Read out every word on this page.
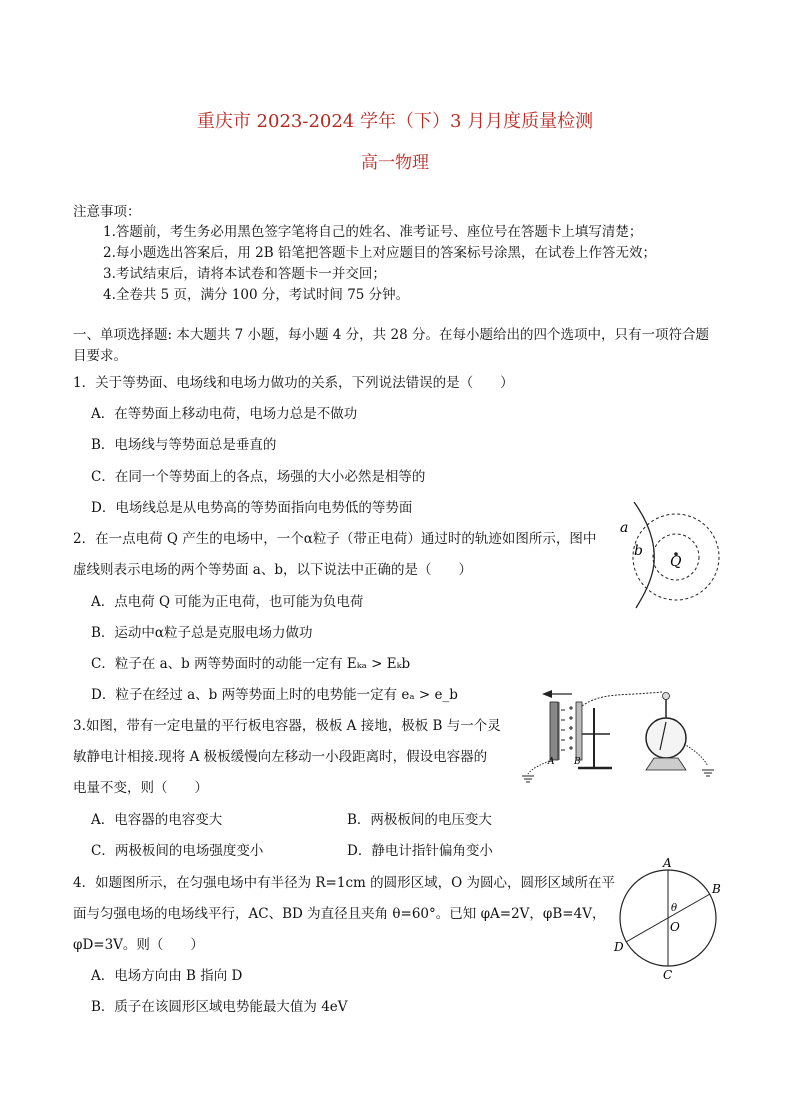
重庆市 2023-2024 学年（下）3 月月度质量检测
高一物理
注意事项：
1.答题前，考生务必用黑色签字笔将自己的姓名、准考证号、座位号在答题卡上填写清楚；
2.每小题选出答案后，用 2B 铅笔把答题卡上对应题目的答案标号涂黑，在试卷上作答无效；
3.考试结束后，请将本试卷和答题卡一并交回；
4.全卷共 5 页，满分 100 分，考试时间 75 分钟。
一、单项选择题: 本大题共 7 小题，每小题 4 分，共 28 分。在每小题给出的四个选项中，只有一项符合题
目要求。
1．关于等势面、电场线和电场力做功的关系，下列说法错误的是（　　）
A．在等势面上移动电荷，电场力总是不做功
B．电场线与等势面总是垂直的
C．在同一个等势面上的各点，场强的大小必然是相等的
D．电场线总是从电势高的等势面指向电势低的等势面
2．在一点电荷 Q 产生的电场中，一个α粒子（带正电荷）通过时的轨迹如图所示，图中
虚线则表示电场的两个等势面 a、b，以下说法中正确的是（　　）
A．点电荷 Q 可能为正电荷，也可能为负电荷
B．运动中α粒子总是克服电场力做功
C．粒子在 a、b 两等势面时的动能一定有 Eₖₐ > Eₖb
D．粒子在经过 a、b 两等势面上时的电势能一定有 eₐ > e_b
a
b
Q
3.如图，带有一定电量的平行板电容器，极板 A 接地，极板 B 与一个灵
敏静电计相接.现将 A 极板缓慢向左移动一小段距离时，假设电容器的
电量不变，则（　　）
A．电容器的电容变大	B．两极板间的电压变大
C．两极板间的电场强度变小	D．静电计指针偏角变小
A B
4．如题图所示，在匀强电场中有半径为 R=1cm 的圆形区域，O 为圆心，圆形区域所在平
面与匀强电场的电场线平行，AC、BD 为直径且夹角 θ=60°。已知 φA=2V，φB=4V，
φD=3V。则（　　）
A．电场方向由 B 指向 D
B．质子在该圆形区域电势能最大值为 4eV
A
B
C
D
O
θ
